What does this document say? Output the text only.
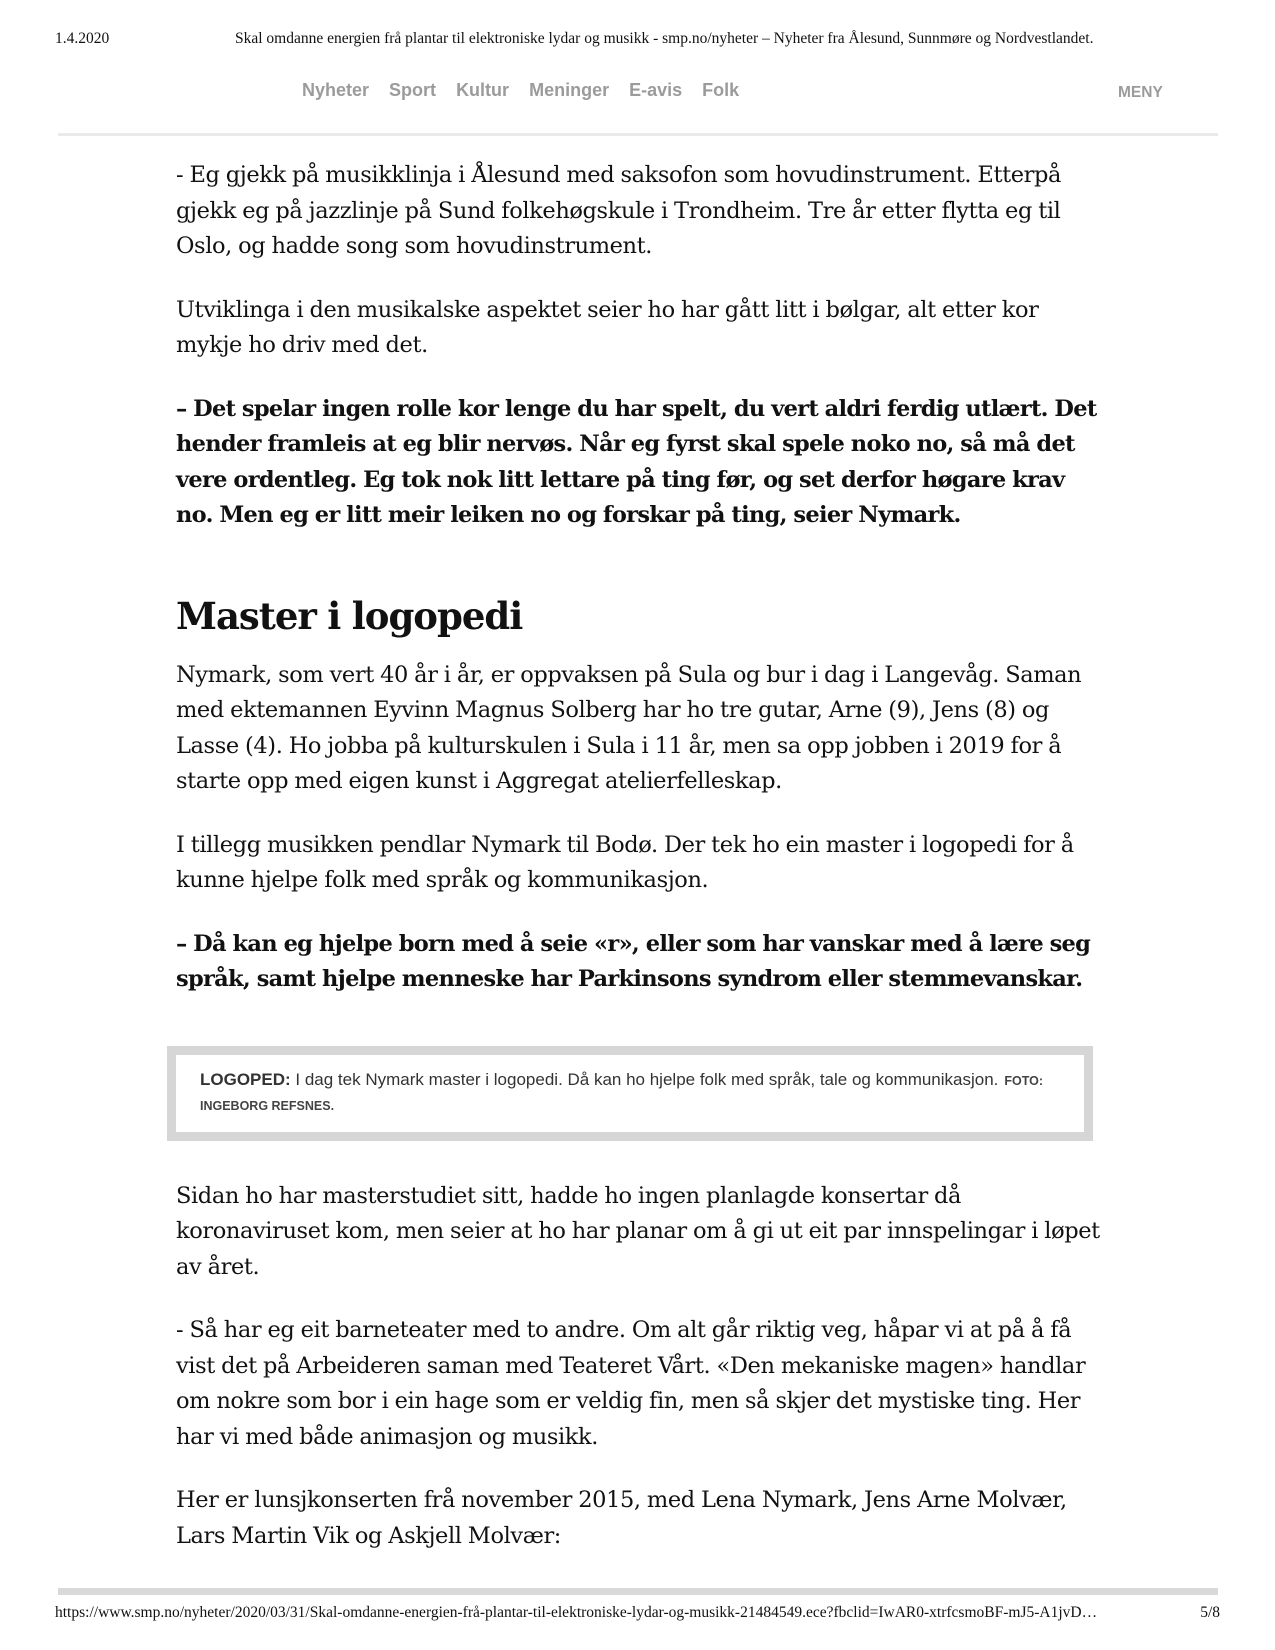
1.4.2020	Skal omdanne energien frå plantar til elektroniske lydar og musikk - smp.no/nyheter – Nyheter fra Ålesund, Sunnmøre og Nordvestlandet.
Nyheter Sport Kultur Meninger E-avis Folk	MENY

- Eg gjekk på musikklinja i Ålesund med saksofon som hovudinstrument. Etterpå gjekk eg på jazzlinje på Sund folkehøgskule i Trondheim. Tre år etter flytta eg til Oslo, og hadde song som hovudinstrument.

Utviklinga i den musikalske aspektet seier ho har gått litt i bølgar, alt etter kor mykje ho driv med det.

– Det spelar ingen rolle kor lenge du har spelt, du vert aldri ferdig utlært. Det hender framleis at eg blir nervøs. Når eg fyrst skal spele noko no, så må det vere ordentleg. Eg tok nok litt lettare på ting før, og set derfor høgare krav no. Men eg er litt meir leiken no og forskar på ting, seier Nymark.

Master i logopedi

Nymark, som vert 40 år i år, er oppvaksen på Sula og bur i dag i Langevåg. Saman med ektemannen Eyvinn Magnus Solberg har ho tre gutar, Arne (9), Jens (8) og Lasse (4). Ho jobba på kulturskulen i Sula i 11 år, men sa opp jobben i 2019 for å starte opp med eigen kunst i Aggregat atelierfelleskap.

I tillegg musikken pendlar Nymark til Bodø. Der tek ho ein master i logopedi for å kunne hjelpe folk med språk og kommunikasjon.

– Då kan eg hjelpe born med å seie «r», eller som har vanskar med å lære seg språk, samt hjelpe menneske har Parkinsons syndrom eller stemmevanskar.

LOGOPED: I dag tek Nymark master i logopedi. Då kan ho hjelpe folk med språk, tale og kommunikasjon. FOTO: INGEBORG REFSNES.

Sidan ho har masterstudiet sitt, hadde ho ingen planlagde konsertar då koronaviruset kom, men seier at ho har planar om å gi ut eit par innspelingar i løpet av året.

- Så har eg eit barneteater med to andre. Om alt går riktig veg, håpar vi at på å få vist det på Arbeideren saman med Teateret Vårt. «Den mekaniske magen» handlar om nokre som bor i ein hage som er veldig fin, men så skjer det mystiske ting. Her har vi med både animasjon og musikk.

Her er lunsjkonserten frå november 2015, med Lena Nymark, Jens Arne Molvær, Lars Martin Vik og Askjell Molvær:

https://www.smp.no/nyheter/2020/03/31/Skal-omdanne-energien-frå-plantar-til-elektroniske-lydar-og-musikk-21484549.ece?fbclid=IwAR0-xtrfcsmoBF-mJ5-A1jvD…	5/8
